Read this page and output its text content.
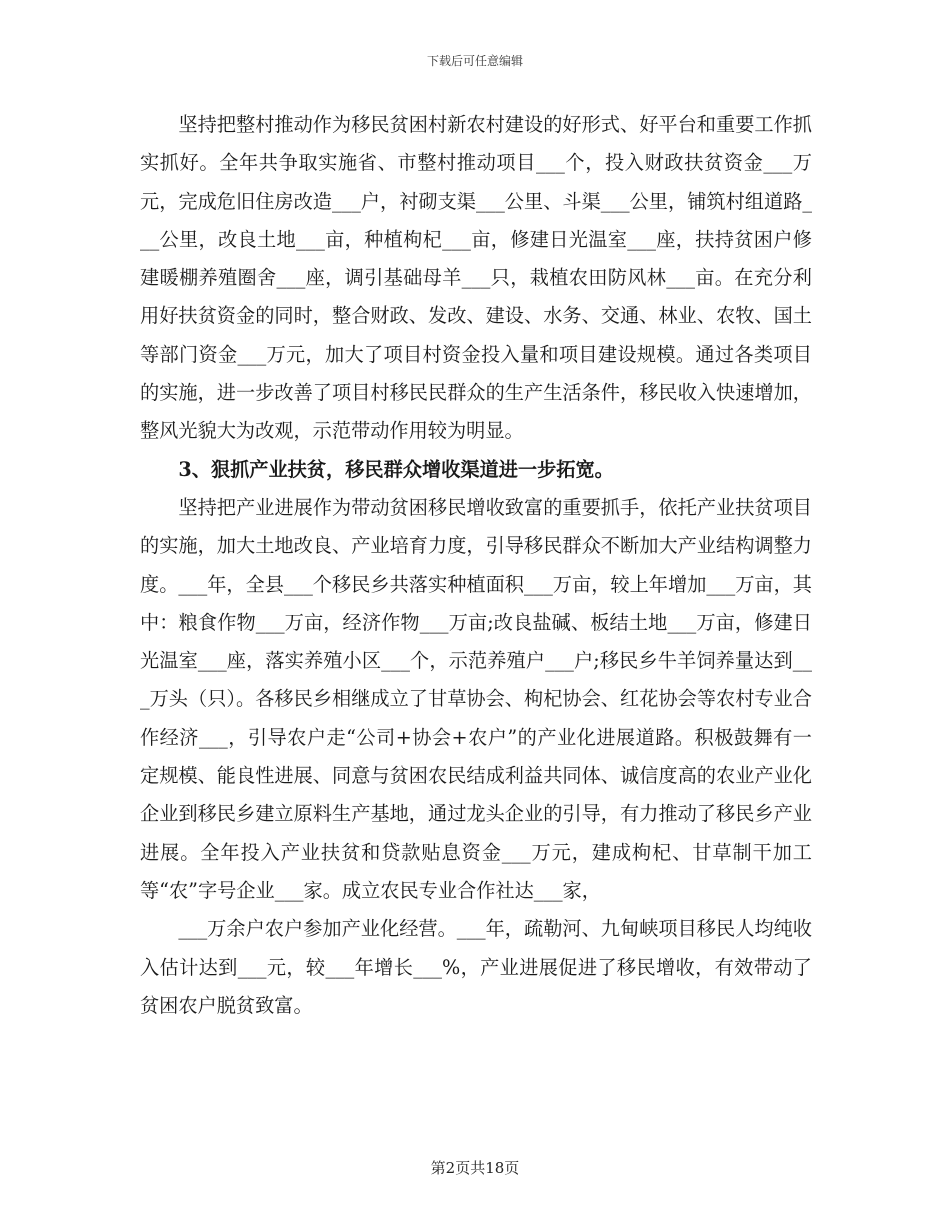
下载后可任意编辑

坚持把整村推动作为移民贫困村新农村建设的好形式、好平台和重要工作抓实抓好。全年共争取实施省、市整村推动项目___个，投入财政扶贫资金___万元，完成危旧住房改造___户，衬砌支渠___公里、斗渠___公里，铺筑村组道路___公里，改良土地___亩，种植枸杞___亩，修建日光温室___座，扶持贫困户修建暖棚养殖圈舍___座，调引基础母羊___只，栽植农田防风林___亩。在充分利用好扶贫资金的同时，整合财政、发改、建设、水务、交通、林业、农牧、国土等部门资金___万元，加大了项目村资金投入量和项目建设规模。通过各类项目的实施，进一步改善了项目村移民民群众的生产生活条件，移民收入快速增加，整风光貌大为改观，示范带动作用较为明显。

3、狠抓产业扶贫，移民群众增收渠道进一步拓宽。

坚持把产业进展作为带动贫困移民增收致富的重要抓手，依托产业扶贫项目的实施，加大土地改良、产业培育力度，引导移民群众不断加大产业结构调整力度。___年，全县___个移民乡共落实种植面积___万亩，较上年增加___万亩，其中：粮食作物___万亩，经济作物___万亩;改良盐碱、板结土地___万亩，修建日光温室___座，落实养殖小区___个，示范养殖户___户;移民乡牛羊饲养量达到___万头（只）。各移民乡相继成立了甘草协会、枸杞协会、红花协会等农村专业合作经济___，引导农户走“公司+协会+农户”的产业化进展道路。积极鼓舞有一定规模、能良性进展、同意与贫困农民结成利益共同体、诚信度高的农业产业化企业到移民乡建立原料生产基地，通过龙头企业的引导，有力推动了移民乡产业进展。全年投入产业扶贫和贷款贴息资金___万元，建成枸杞、甘草制干加工等“农”字号企业___家。成立农民专业合作社达___家，

___万余户农户参加产业化经营。___年，疏勒河、九甸峡项目移民人均纯收入估计达到___元，较___年增长___%，产业进展促进了移民增收，有效带动了贫困农户脱贫致富。

第2页共18页
